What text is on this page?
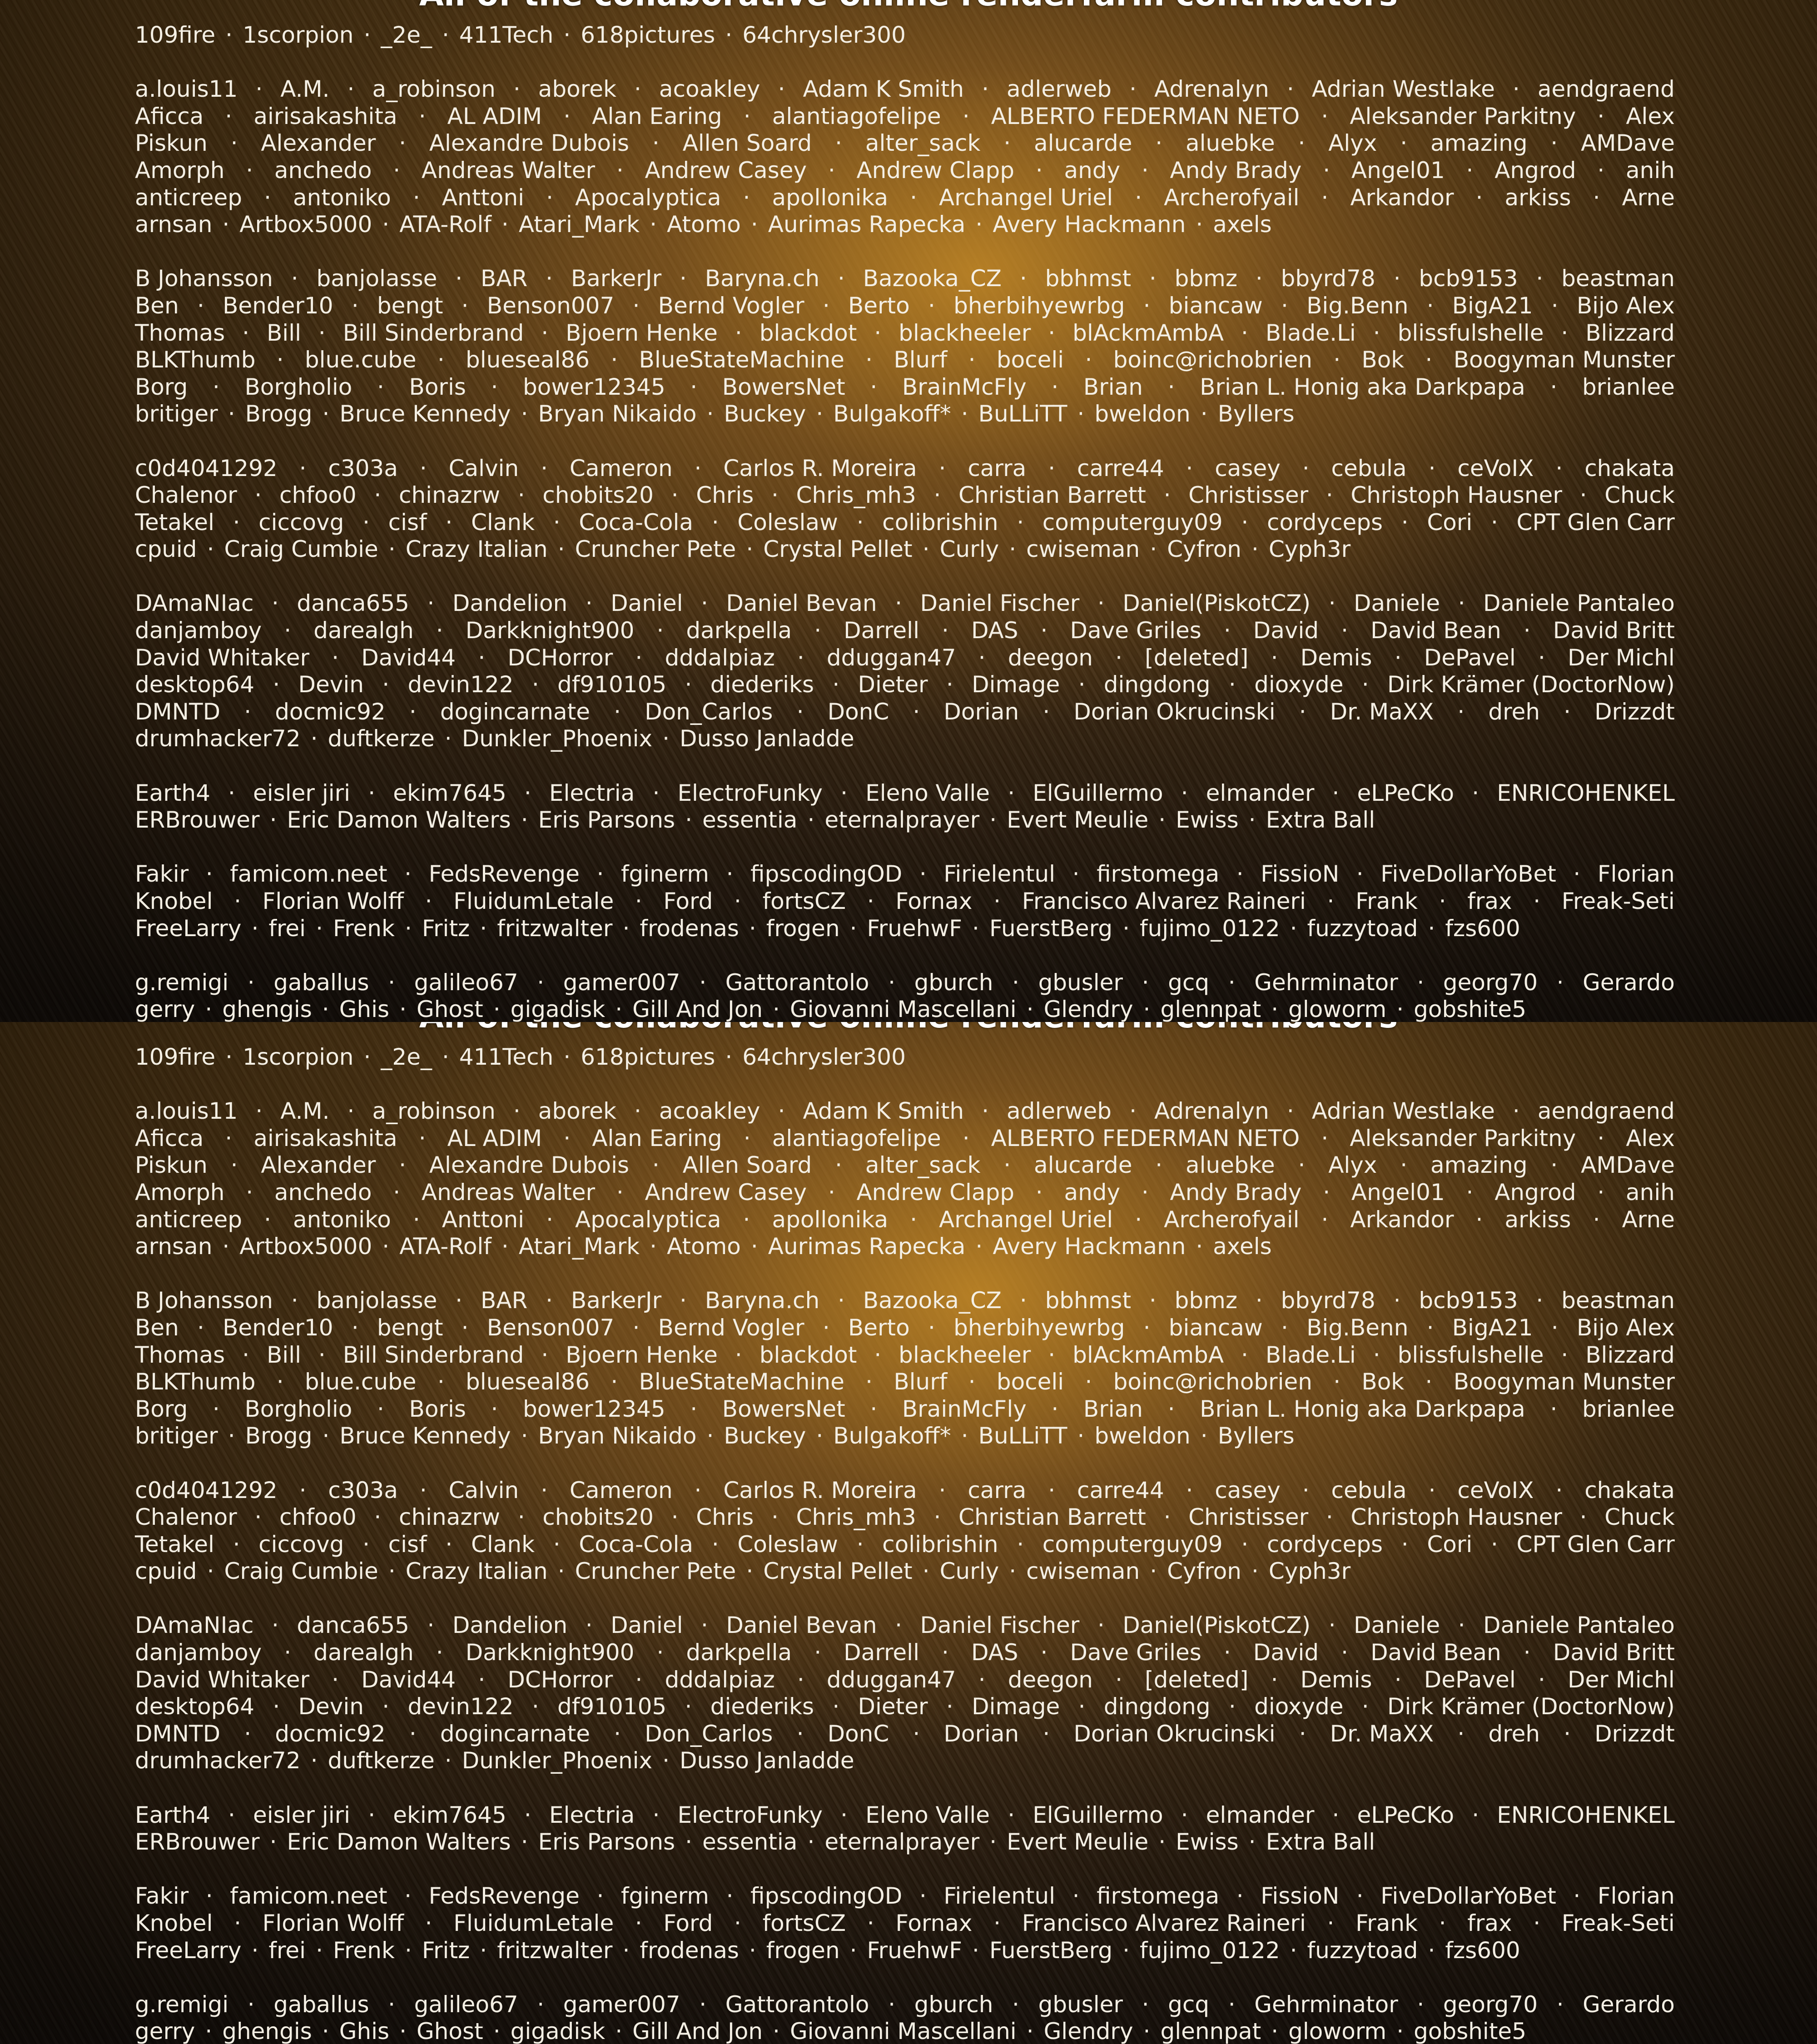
109fire · 1scorpion · _2e_ · 411Tech · 618pictures · 64chrysler300
a.louis11 · A.M. · a_robinson · aborek · acoakley · Adam K Smith · adlerweb · Adrenalyn · Adrian Westlake · aendgraend
Aficca · airisakashita · AL ADIM · Alan Earing · alantiagofelipe · ALBERTO FEDERMAN NETO · Aleksander Parkitny · Alex
Piskun · Alexander · Alexandre Dubois · Allen Soard · alter_sack · alucarde · aluebke · Alyx · amazing · AMDave
Amorph · anchedo · Andreas Walter · Andrew Casey · Andrew Clapp · andy · Andy Brady · Angel01 · Angrod · anih
anticreep · antoniko · Anttoni · Apocalyptica · apollonika · Archangel Uriel · Archerofyail · Arkandor · arkiss · Arne
arnsan · Artbox5000 · ATA-Rolf · Atari_Mark · Atomo · Aurimas Rapecka · Avery Hackmann · axels
B Johansson · banjolasse · BAR · BarkerJr · Baryna.ch · Bazooka_CZ · bbhmst · bbmz · bbyrd78 · bcb9153 · beastman
Ben · Bender10 · bengt · Benson007 · Bernd Vogler · Berto · bherbihyewrbg · biancaw · Big.Benn · BigA21 · Bijo Alex
Thomas · Bill · Bill Sinderbrand · Bjoern Henke · blackdot · blackheeler · blAckmAmbA · Blade.Li · blissfulshelle · Blizzard
BLKThumb · blue.cube · blueseal86 · BlueStateMachine · Blurf · boceli · boinc@richobrien · Bok · Boogyman Munster
Borg · Borgholio · Boris · bower12345 · BowersNet · BrainMcFly · Brian · Brian L. Honig aka Darkpapa · brianlee
britiger · Brogg · Bruce Kennedy · Bryan Nikaido · Buckey · Bulgakoff* · BuLLiTT · bweldon · Byllers
c0d4041292 · c303a · Calvin · Cameron · Carlos R. Moreira · carra · carre44 · casey · cebula · ceVoIX · chakata
Chalenor · chfoo0 · chinazrw · chobits20 · Chris · Chris_mh3 · Christian Barrett · Christisser · Christoph Hausner · Chuck
Tetakel · ciccovg · cisf · Clank · Coca-Cola · Coleslaw · colibrishin · computerguy09 · cordyceps · Cori · CPT Glen Carr
cpuid · Craig Cumbie · Crazy Italian · Cruncher Pete · Crystal Pellet · Curly · cwiseman · Cyfron · Cyph3r
DAmaNIac · danca655 · Dandelion · Daniel · Daniel Bevan · Daniel Fischer · Daniel(PiskotCZ) · Daniele · Daniele Pantaleo
danjamboy · darealgh · Darkknight900 · darkpella · Darrell · DAS · Dave Griles · David · David Bean · David Britt
David Whitaker · David44 · DCHorror · dddalpiaz · dduggan47 · deegon · [deleted] · Demis · DePavel · Der Michl
desktop64 · Devin · devin122 · df910105 · diederiks · Dieter · Dimage · dingdong · dioxyde · Dirk Krämer (DoctorNow)
DMNTD · docmic92 · dogincarnate · Don_Carlos · DonC · Dorian · Dorian Okrucinski · Dr. MaXX · dreh · Drizzdt
drumhacker72 · duftkerze · Dunkler_Phoenix · Dusso Janladde
Earth4 · eisler jiri · ekim7645 · Electria · ElectroFunky · Eleno Valle · ElGuillermo · elmander · eLPeCKo · ENRICOHENKEL
ERBrouwer · Eric Damon Walters · Eris Parsons · essentia · eternalprayer · Evert Meulie · Ewiss · Extra Ball
Fakir · famicom.neet · FedsRevenge · fginerm · fipscodingOD · Firielentul · firstomega · FissioN · FiveDollarYoBet · Florian
Knobel · Florian Wolff · FluidumLetale · Ford · fortsCZ · Fornax · Francisco Alvarez Raineri · Frank · frax · Freak-Seti
FreeLarry · frei · Frenk · Fritz · fritzwalter · frodenas · frogen · FruehwF · FuerstBerg · fujimo_0122 · fuzzytoad · fzs600
g.remigi · gaballus · galileo67 · gamer007 · Gattorantolo · gburch · gbusler · gcq · Gehrminator · georg70 · Gerardo
gerry · ghengis · Ghis · Ghost · gigadisk · Gill And Jon · Giovanni Mascellani · Glendry · glennpat · gloworm · gobshite5
109fire · 1scorpion · _2e_ · 411Tech · 618pictures · 64chrysler300
a.louis11 · A.M. · a_robinson · aborek · acoakley · Adam K Smith · adlerweb · Adrenalyn · Adrian Westlake · aendgraend
Aficca · airisakashita · AL ADIM · Alan Earing · alantiagofelipe · ALBERTO FEDERMAN NETO · Aleksander Parkitny · Alex
Piskun · Alexander · Alexandre Dubois · Allen Soard · alter_sack · alucarde · aluebke · Alyx · amazing · AMDave
Amorph · anchedo · Andreas Walter · Andrew Casey · Andrew Clapp · andy · Andy Brady · Angel01 · Angrod · anih
anticreep · antoniko · Anttoni · Apocalyptica · apollonika · Archangel Uriel · Archerofyail · Arkandor · arkiss · Arne
arnsan · Artbox5000 · ATA-Rolf · Atari_Mark · Atomo · Aurimas Rapecka · Avery Hackmann · axels
B Johansson · banjolasse · BAR · BarkerJr · Baryna.ch · Bazooka_CZ · bbhmst · bbmz · bbyrd78 · bcb9153 · beastman
Ben · Bender10 · bengt · Benson007 · Bernd Vogler · Berto · bherbihyewrbg · biancaw · Big.Benn · BigA21 · Bijo Alex
Thomas · Bill · Bill Sinderbrand · Bjoern Henke · blackdot · blackheeler · blAckmAmbA · Blade.Li · blissfulshelle · Blizzard
BLKThumb · blue.cube · blueseal86 · BlueStateMachine · Blurf · boceli · boinc@richobrien · Bok · Boogyman Munster
Borg · Borgholio · Boris · bower12345 · BowersNet · BrainMcFly · Brian · Brian L. Honig aka Darkpapa · brianlee
britiger · Brogg · Bruce Kennedy · Bryan Nikaido · Buckey · Bulgakoff* · BuLLiTT · bweldon · Byllers
c0d4041292 · c303a · Calvin · Cameron · Carlos R. Moreira · carra · carre44 · casey · cebula · ceVoIX · chakata
Chalenor · chfoo0 · chinazrw · chobits20 · Chris · Chris_mh3 · Christian Barrett · Christisser · Christoph Hausner · Chuck
Tetakel · ciccovg · cisf · Clank · Coca-Cola · Coleslaw · colibrishin · computerguy09 · cordyceps · Cori · CPT Glen Carr
cpuid · Craig Cumbie · Crazy Italian · Cruncher Pete · Crystal Pellet · Curly · cwiseman · Cyfron · Cyph3r
DAmaNIac · danca655 · Dandelion · Daniel · Daniel Bevan · Daniel Fischer · Daniel(PiskotCZ) · Daniele · Daniele Pantaleo
danjamboy · darealgh · Darkknight900 · darkpella · Darrell · DAS · Dave Griles · David · David Bean · David Britt
David Whitaker · David44 · DCHorror · dddalpiaz · dduggan47 · deegon · [deleted] · Demis · DePavel · Der Michl
desktop64 · Devin · devin122 · df910105 · diederiks · Dieter · Dimage · dingdong · dioxyde · Dirk Krämer (DoctorNow)
DMNTD · docmic92 · dogincarnate · Don_Carlos · DonC · Dorian · Dorian Okrucinski · Dr. MaXX · dreh · Drizzdt
drumhacker72 · duftkerze · Dunkler_Phoenix · Dusso Janladde
Earth4 · eisler jiri · ekim7645 · Electria · ElectroFunky · Eleno Valle · ElGuillermo · elmander · eLPeCKo · ENRICOHENKEL
ERBrouwer · Eric Damon Walters · Eris Parsons · essentia · eternalprayer · Evert Meulie · Ewiss · Extra Ball
Fakir · famicom.neet · FedsRevenge · fginerm · fipscodingOD · Firielentul · firstomega · FissioN · FiveDollarYoBet · Florian
Knobel · Florian Wolff · FluidumLetale · Ford · fortsCZ · Fornax · Francisco Alvarez Raineri · Frank · frax · Freak-Seti
FreeLarry · frei · Frenk · Fritz · fritzwalter · frodenas · frogen · FruehwF · FuerstBerg · fujimo_0122 · fuzzytoad · fzs600
g.remigi · gaballus · galileo67 · gamer007 · Gattorantolo · gburch · gbusler · gcq · Gehrminator · georg70 · Gerardo
gerry · ghengis · Ghis · Ghost · gigadisk · Gill And Jon · Giovanni Mascellani · Glendry · glennpat · gloworm · gobshite5
